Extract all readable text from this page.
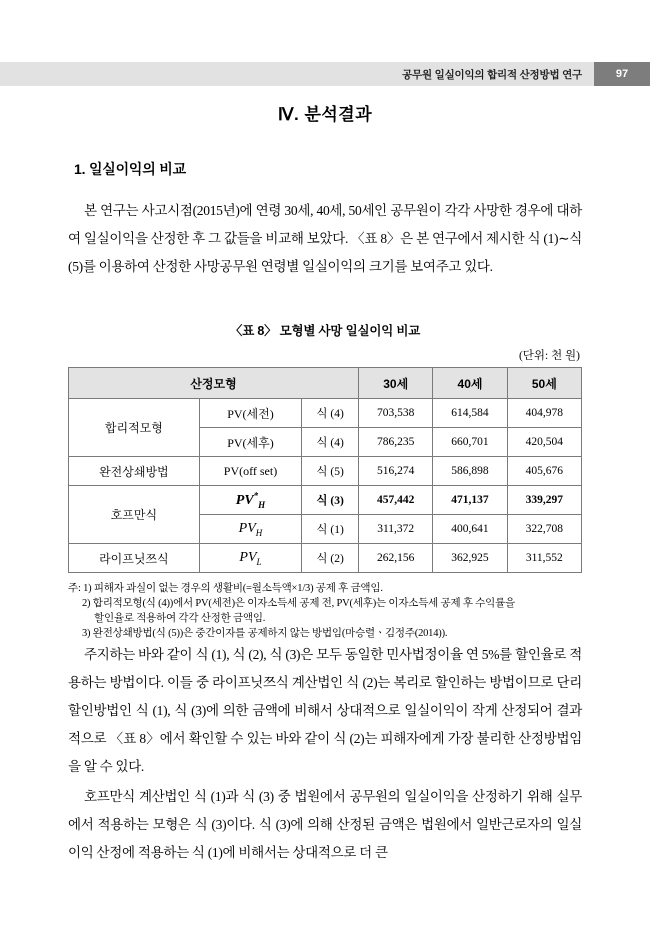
공무원 일실이익의 합리적 산정방법 연구	97
Ⅳ. 분석결과
1. 일실이익의 비교

본 연구는 사고시점(2015년)에 연령 30세, 40세, 50세인 공무원이 각각 사망한 경우에 대하여 일실이익을 산정한 후 그 값들을 비교해 보았다. 〈표 8〉은 본 연구에서 제시한 식 (1)∼식 (5)를 이용하여 산정한 사망공무원 연령별 일실이익의 크기를 보여주고 있다.

〈표 8〉 모형별 사망 일실이익 비교
(단위: 천 원)
산정모형			30세	40세	50세
합리적모형	PV(세전)	식 (4)	703,538	614,584	404,978
	PV(세후)	식 (4)	786,235	660,701	420,504
완전상쇄방법	PV(off set)	식 (5)	516,274	586,898	405,676
호프만식	$PV^*_H$	식 (3)	457,442	471,137	339,297
	$PV_H$	식 (1)	311,372	400,641	322,708
라이프닛쯔식	$PV_L$	식 (2)	262,156	362,925	311,552
주: 1) 피해자 과실이 없는 경우의 생활비(=월소득액×1/3) 공제 후 금액임.
2) 합리적모형(식 (4))에서 PV(세전)은 이자소득세 공제 전, PV(세후)는 이자소득세 공제 후 수익률을
할인율로 적용하여 각각 산정한 금액임.
3) 완전상쇄방법(식 (5))은 중간이자를 공제하지 않는 방법임(마승렬ㆍ김정주(2014)).

주지하는 바와 같이 식 (1), 식 (2), 식 (3)은 모두 동일한 민사법정이율 연 5%를 할인율로 적용하는 방법이다. 이들 중 라이프닛쯔식 계산법인 식 (2)는 복리로 할인하는 방법이므로 단리 할인방법인 식 (1), 식 (3)에 의한 금액에 비해서 상대적으로 일실이익이 작게 산정되어 결과적으로 〈표 8〉에서 확인할 수 있는 바와 같이 식 (2)는 피해자에게 가장 불리한 산정방법임을 알 수 있다.

호프만식 계산법인 식 (1)과 식 (3) 중 법원에서 공무원의 일실이익을 산정하기 위해 실무에서 적용하는 모형은 식 (3)이다. 식 (3)에 의해 산정된 금액은 법원에서 일반근로자의 일실이익 산정에 적용하는 식 (1)에 비해서는 상대적으로 더 큰
